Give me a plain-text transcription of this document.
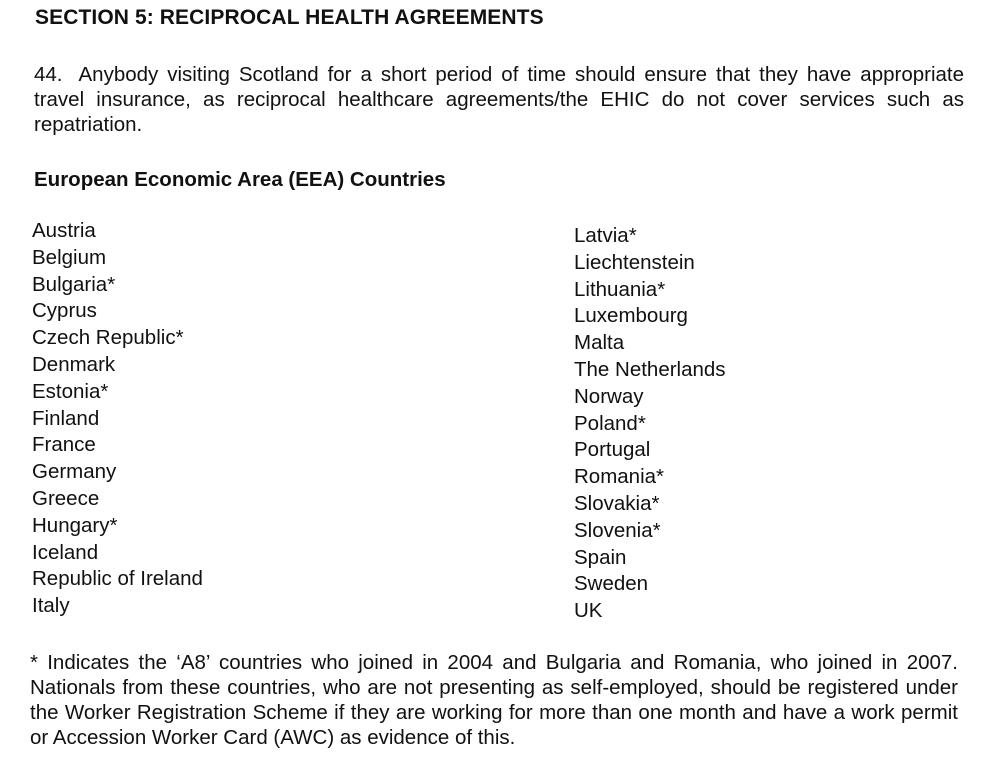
SECTION 5: RECIPROCAL HEALTH AGREEMENTS

44. Anybody visiting Scotland for a short period of time should ensure that they have appropriate travel insurance, as reciprocal healthcare agreements/the EHIC do not cover services such as repatriation.

European Economic Area (EEA) Countries
Austria
Belgium
Bulgaria*
Cyprus
Czech Republic*
Denmark
Estonia*
Finland
France
Germany
Greece
Hungary*
Iceland
Republic of Ireland
Italy
Latvia*
Liechtenstein
Lithuania*
Luxembourg
Malta
The Netherlands
Norway
Poland*
Portugal
Romania*
Slovakia*
Slovenia*
Spain
Sweden
UK

* Indicates the ‘A8’ countries who joined in 2004 and Bulgaria and Romania, who joined in 2007. Nationals from these countries, who are not presenting as self-employed, should be registered under the Worker Registration Scheme if they are working for more than one month and have a work permit or Accession Worker Card (AWC) as evidence of this.
